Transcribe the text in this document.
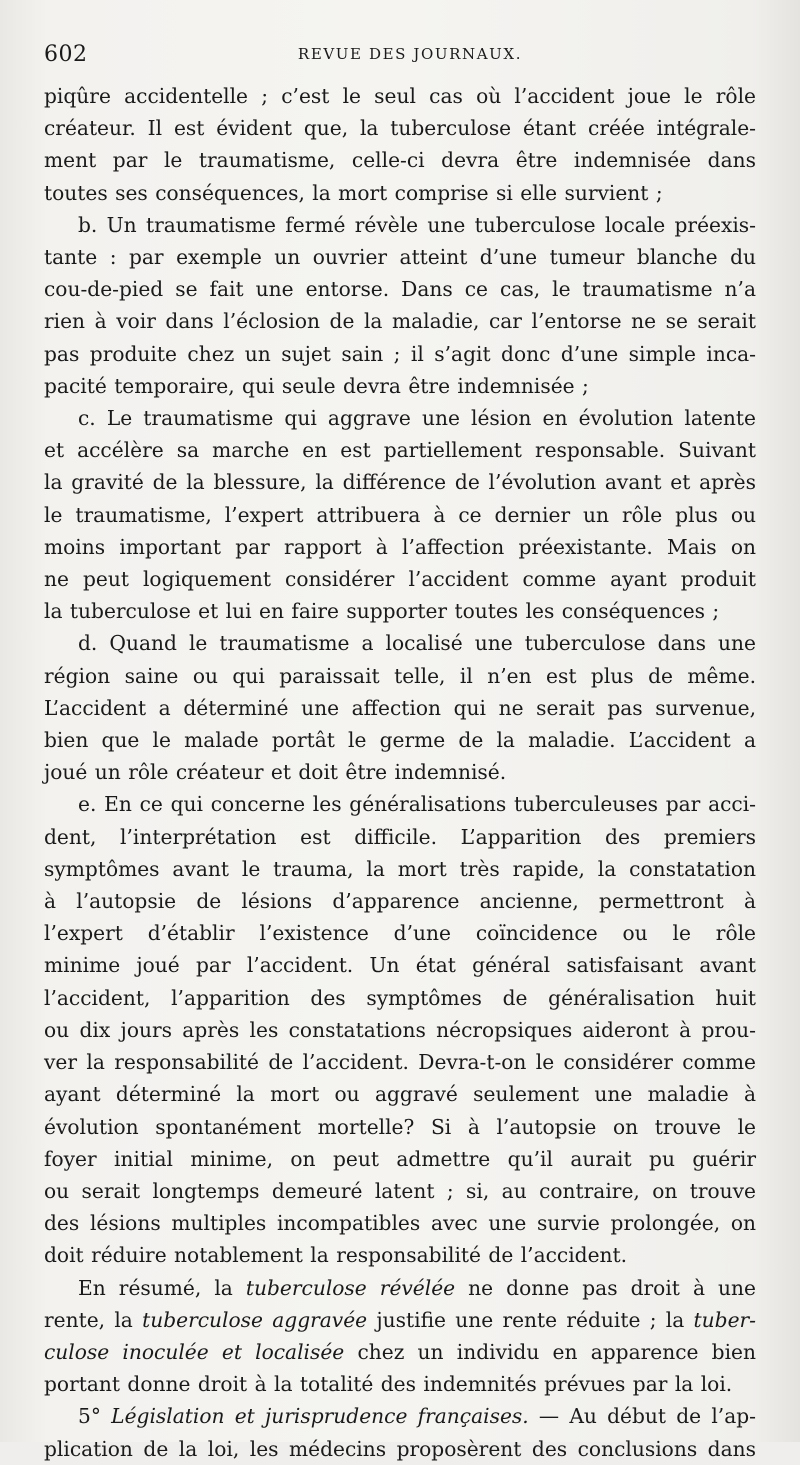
602	REVUE DES JOURNAUX.

piqûre accidentelle ; c’est le seul cas où l’accident joue le rôle

créateur. Il est évident que, la tuberculose étant créée intégrale-

ment par le traumatisme, celle-ci devra être indemnisée dans

toutes ses conséquences, la mort comprise si elle survient ;

b. Un traumatisme fermé révèle une tuberculose locale préexis-

tante : par exemple un ouvrier atteint d’une tumeur blanche du

cou-de-pied se fait une entorse. Dans ce cas, le traumatisme n’a

rien à voir dans l’éclosion de la maladie, car l’entorse ne se serait

pas produite chez un sujet sain ; il s’agit donc d’une simple inca-

pacité temporaire, qui seule devra être indemnisée ;

c. Le traumatisme qui aggrave une lésion en évolution latente

et accélère sa marche en est partiellement responsable. Suivant

la gravité de la blessure, la différence de l’évolution avant et après

le traumatisme, l’expert attribuera à ce dernier un rôle plus ou

moins important par rapport à l’affection préexistante. Mais on

ne peut logiquement considérer l’accident comme ayant produit

la tuberculose et lui en faire supporter toutes les conséquences ;

d. Quand le traumatisme a localisé une tuberculose dans une

région saine ou qui paraissait telle, il n’en est plus de même.

L’accident a déterminé une affection qui ne serait pas survenue,

bien que le malade portât le germe de la maladie. L’accident a

joué un rôle créateur et doit être indemnisé.

e. En ce qui concerne les généralisations tuberculeuses par acci-

dent, l’interprétation est difficile. L’apparition des premiers

symptômes avant le trauma, la mort très rapide, la constatation

à l’autopsie de lésions d’apparence ancienne, permettront à

l’expert d’établir l’existence d’une coïncidence ou le rôle

minime joué par l’accident. Un état général satisfaisant avant

l’accident, l’apparition des symptômes de généralisation huit

ou dix jours après les constatations nécropsiques aideront à prou-

ver la responsabilité de l’accident. Devra-t-on le considérer comme

ayant déterminé la mort ou aggravé seulement une maladie à

évolution spontanément mortelle? Si à l’autopsie on trouve le

foyer initial minime, on peut admettre qu’il aurait pu guérir

ou serait longtemps demeuré latent ; si, au contraire, on trouve

des lésions multiples incompatibles avec une survie prolongée, on

doit réduire notablement la responsabilité de l’accident.

En résumé, la tuberculose révélée ne donne pas droit à une

rente, la tuberculose aggravée justifie une rente réduite ; la tuber-

culose inoculée et localisée chez un individu en apparence bien

portant donne droit à la totalité des indemnités prévues par la loi.

5° Législation et jurisprudence françaises. — Au début de l’ap-

plication de la loi, les médecins proposèrent des conclusions dans
